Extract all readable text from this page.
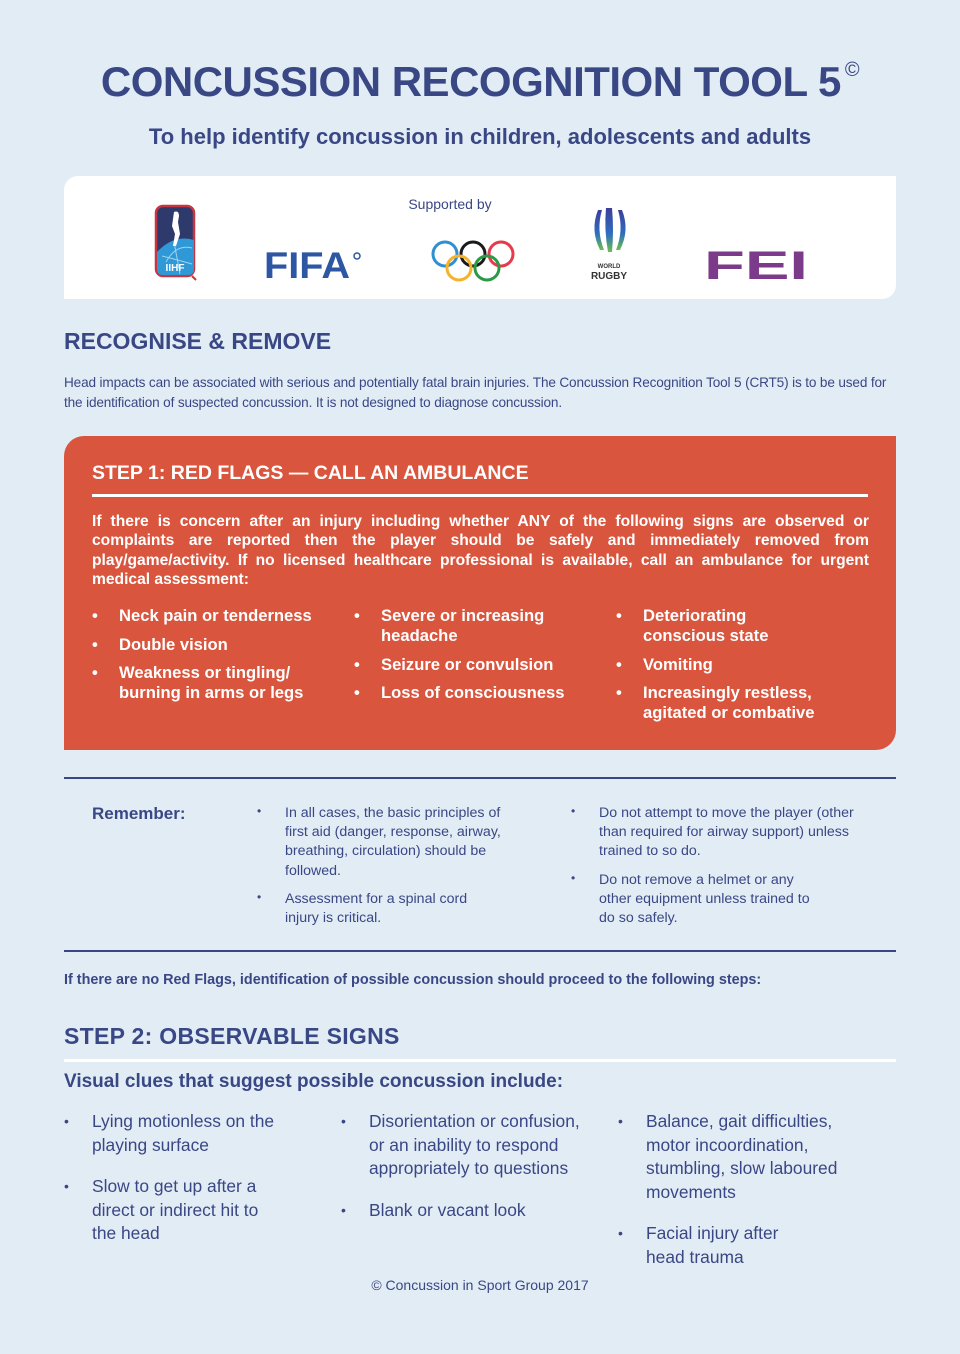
CONCUSSION RECOGNITION TOOL 5 ©
To help identify concussion in children, adolescents and adults
Supported by
IIHF FIFA	WORLD
RUGBY FEI
RECOGNISE & REMOVE
Head impacts can be associated with serious and potentially fatal brain injuries. The Concussion Recognition Tool 5 (CRT5) is to be used for the identification of suspected concussion. It is not designed to diagnose concussion.
STEP 1: RED FLAGS — CALL AN AMBULANCE
If there is concern after an injury including whether ANY of the following signs are observed or complaints are reported then the player should be safely and immediately removed from play/game/activity. If no licensed healthcare professional is available, call an ambulance for urgent medical assessment:
• Neck pain or tenderness
• Double vision
• Weakness or tingling/ burning in arms or legs
• Severe or increasing headache
• Seizure or convulsion
• Loss of consciousness
• Deteriorating conscious state
• Vomiting
• Increasingly restless, agitated or combative
Remember:	• In all cases, the basic principles of first aid (danger, response, airway, breathing, circulation) should be followed.
• Assessment for a spinal cord injury is critical.
• Do not attempt to move the player (other than required for airway support) unless trained to so do.
• Do not remove a helmet or any other equipment unless trained to do so safely.
If there are no Red Flags, identification of possible concussion should proceed to the following steps:
STEP 2: OBSERVABLE SIGNS
Visual clues that suggest possible concussion include:
• Lying motionless on the playing surface
• Slow to get up after a direct or indirect hit to the head
• Disorientation or confusion, or an inability to respond appropriately to questions
• Blank or vacant look
• Balance, gait difficulties, motor incoordination, stumbling, slow laboured movements
• Facial injury after head trauma
© Concussion in Sport Group 2017
